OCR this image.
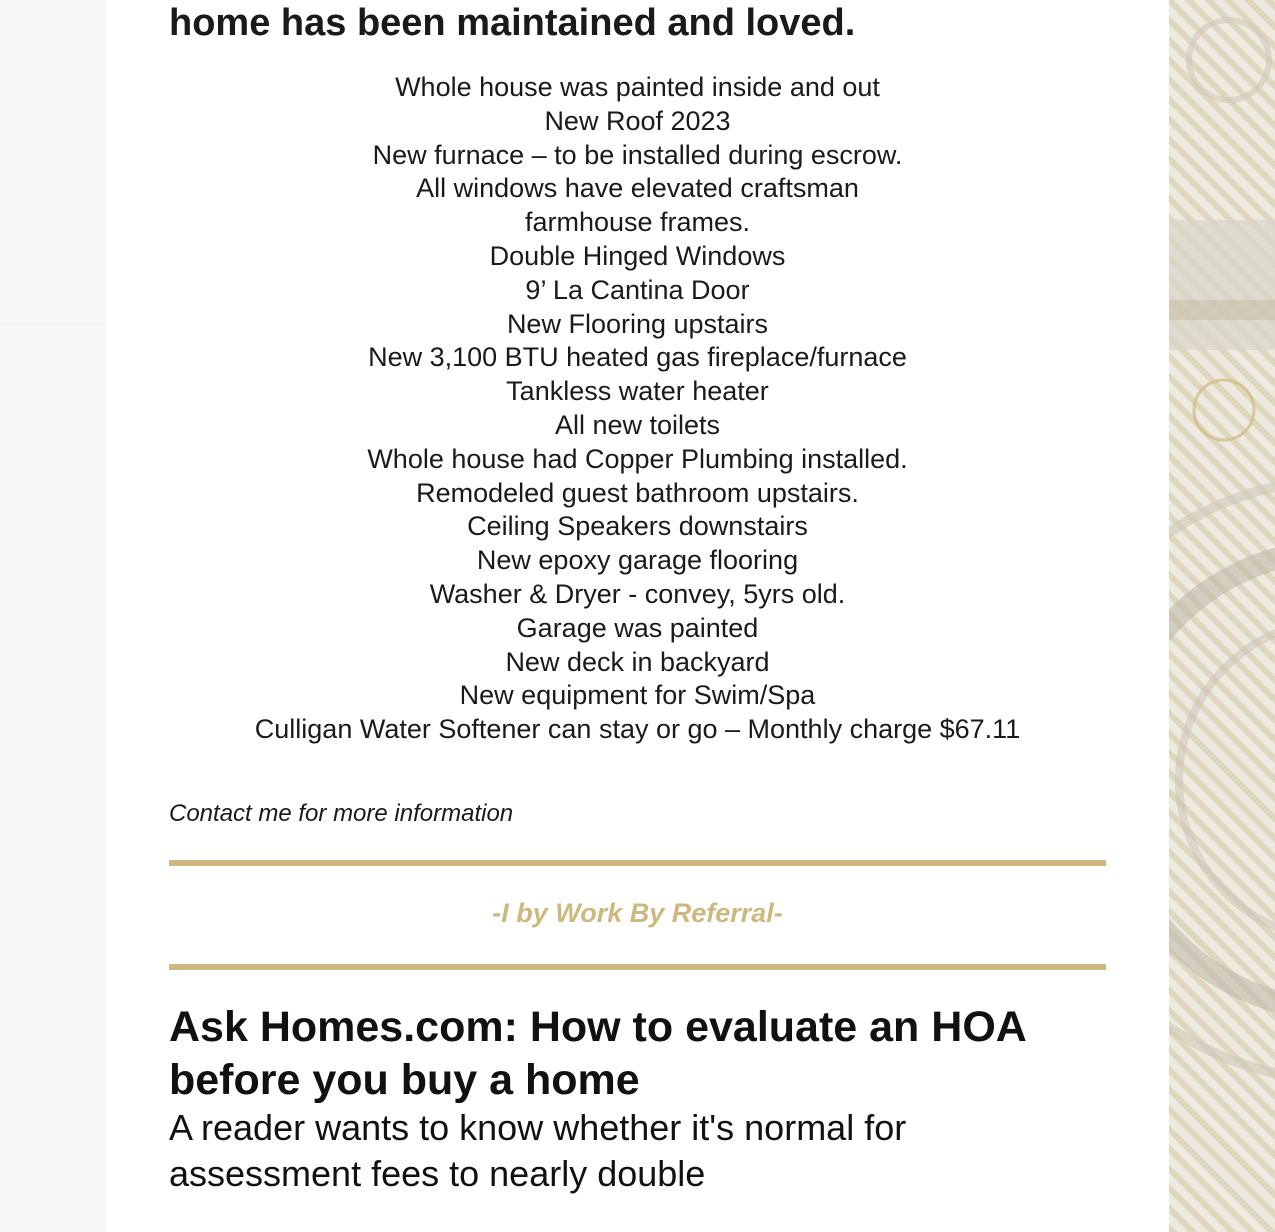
home has been maintained and loved.
Whole house was painted inside and out
New Roof 2023
New furnace – to be installed during escrow.
All windows have elevated craftsman
farmhouse frames.
Double Hinged Windows
9’ La Cantina Door
New Flooring upstairs
New 3,100 BTU heated gas fireplace/furnace
Tankless water heater
All new toilets
Whole house had Copper Plumbing installed.
Remodeled guest bathroom upstairs.
Ceiling Speakers downstairs
New epoxy garage flooring
Washer & Dryer - convey, 5yrs old.
Garage was painted
New deck in backyard
New equipment for Swim/Spa
Culligan Water Softener can stay or go – Monthly charge $67.11

Contact me for more information

-I by Work By Referral-

Ask Homes.com: How to evaluate an HOA before you buy a home

A reader wants to know whether it's normal for assessment fees to nearly double
